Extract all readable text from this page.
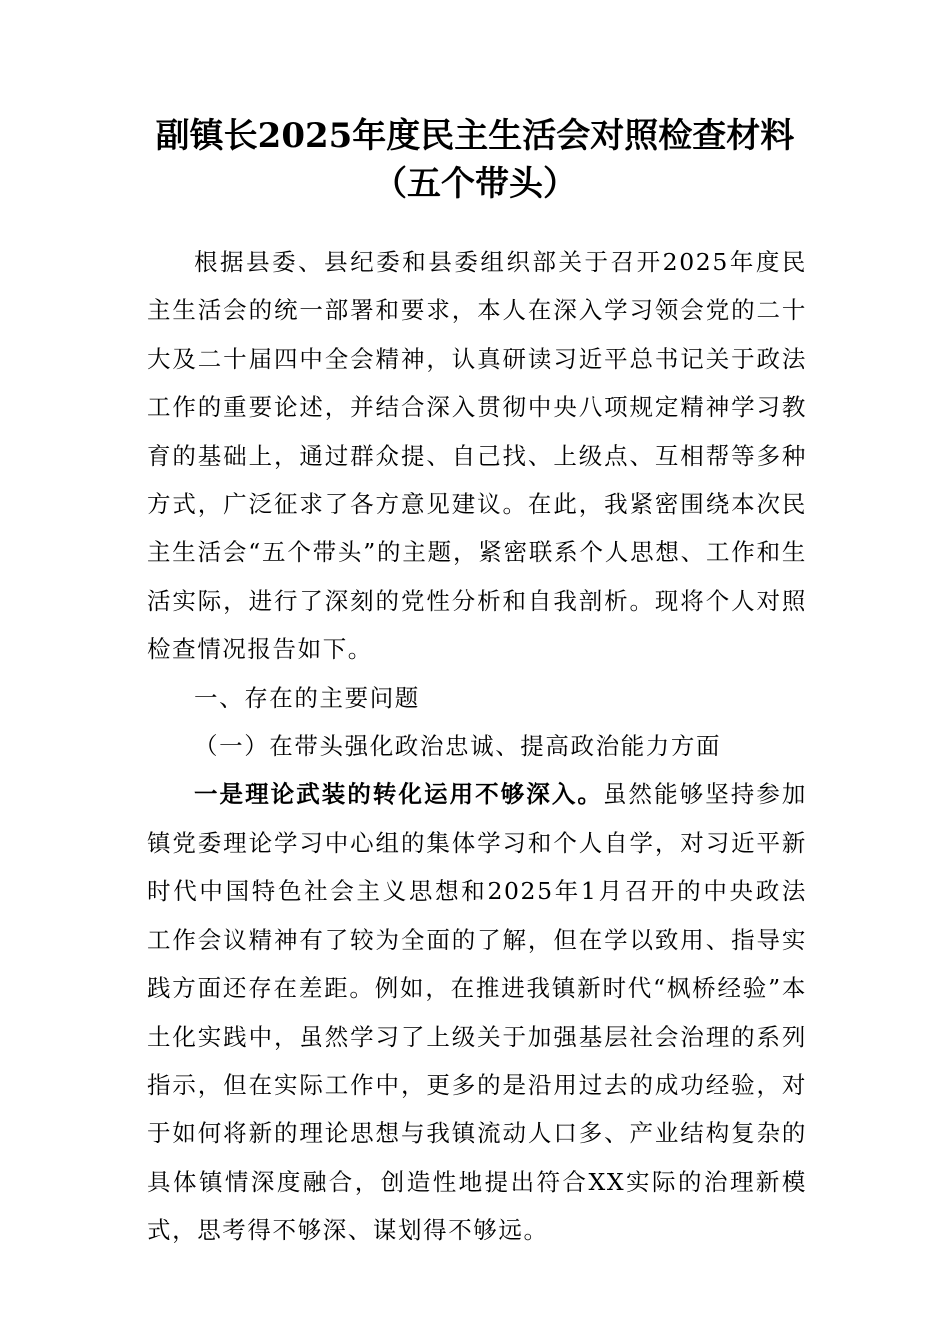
副镇长2025年度民主生活会对照检查材料
（五个带头）

根据县委、县纪委和县委组织部关于召开2025年度民主生活会的统一部署和要求，本人在深入学习领会党的二十大及二十届四中全会精神，认真研读习近平总书记关于政法工作的重要论述，并结合深入贯彻中央八项规定精神学习教育的基础上，通过群众提、自己找、上级点、互相帮等多种方式，广泛征求了各方意见建议。在此，我紧密围绕本次民主生活会“五个带头”的主题，紧密联系个人思想、工作和生活实际，进行了深刻的党性分析和自我剖析。现将个人对照检查情况报告如下。

一、存在的主要问题

（一）在带头强化政治忠诚、提高政治能力方面

一是理论武装的转化运用不够深入。虽然能够坚持参加镇党委理论学习中心组的集体学习和个人自学，对习近平新时代中国特色社会主义思想和2025年1月召开的中央政法工作会议精神有了较为全面的了解，但在学以致用、指导实践方面还存在差距。例如，在推进我镇新时代“枫桥经验”本土化实践中，虽然学习了上级关于加强基层社会治理的系列指示，但在实际工作中，更多的是沿用过去的成功经验，对于如何将新的理论思想与我镇流动人口多、产业结构复杂的具体镇情深度融合，创造性地提出符合XX实际的治理新模式，思考得不够深、谋划得不够远。
